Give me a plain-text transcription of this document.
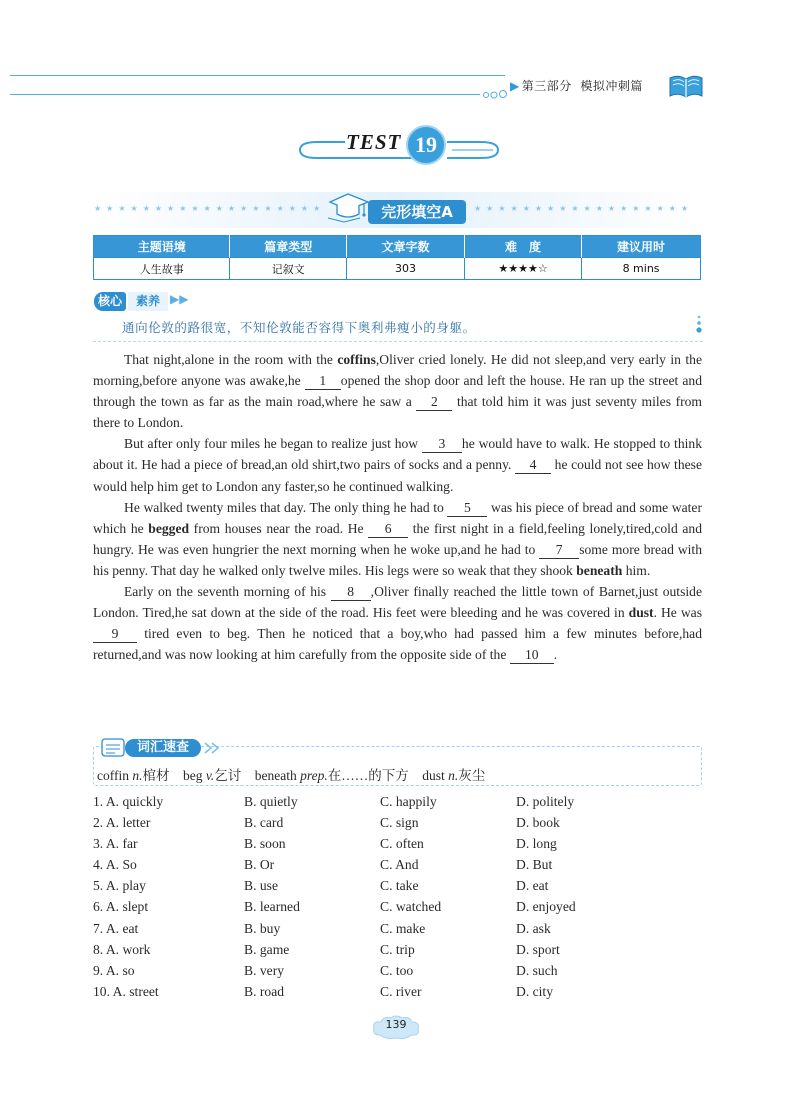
▶ 第三部分 模拟冲刺篇
TEST 19
★★★★★★★★★★★★★★★★★★★	★★★★★★★★★★★★★★★★★★
完形填空A
主题语境	篇章类型	文章字数	难　度	建议用时
人生故事	记叙文	303	★★★★☆	8 mins
核心	素养 ▶▶
通向伦敦的路很宽，不知伦敦能否容得下奥利弗瘦小的身躯。

That night,alone in the room with the coffins,Oliver cried lonely. He did not sleep,and very early in the morning,before anyone was awake,he 1 opened the shop door and left the house. He ran up the street and through the town as far as the main road,where he saw a 2 that told him it was just seventy miles from there to London.

But after only four miles he began to realize just how 3 he would have to walk. He stopped to think about it. He had a piece of bread,an old shirt,two pairs of socks and a penny. 4 he could not see how these would help him get to London any faster,so he continued walking.

He walked twenty miles that day. The only thing he had to 5 was his piece of bread and some water which he begged from houses near the road. He 6 the first night in a field,feeling lonely,tired,cold and hungry. He was even hungrier the next morning when he woke up,and he had to 7 some more bread with his penny. That day he walked only twelve miles. His legs were so weak that they shook beneath him.

Early on the seventh morning of his 8 ,Oliver finally reached the little town of Barnet,just outside London. Tired,he sat down at the side of the road. His feet were bleeding and he was covered in dust. He was 9 tired even to beg. Then he noticed that a boy,who had passed him a few minutes before,had returned,and was now looking at him carefully from the opposite side of the 10 .

词汇速查
coffin n.棺材 beg v.乞讨 beneath prep.在……的下方 dust n.灰尘
1. A. quickly	B. quietly	C. happily	D. politely
2. A. letter	B. card	C. sign	D. book
3. A. far	B. soon	C. often	D. long
4. A. So	B. Or	C. And	D. But
5. A. play	B. use	C. take	D. eat
6. A. slept	B. learned	C. watched	D. enjoyed
7. A. eat	B. buy	C. make	D. ask
8. A. work	B. game	C. trip	D. sport
9. A. so	B. very	C. too	D. such
10. A. street	B. road	C. river	D. city
139
